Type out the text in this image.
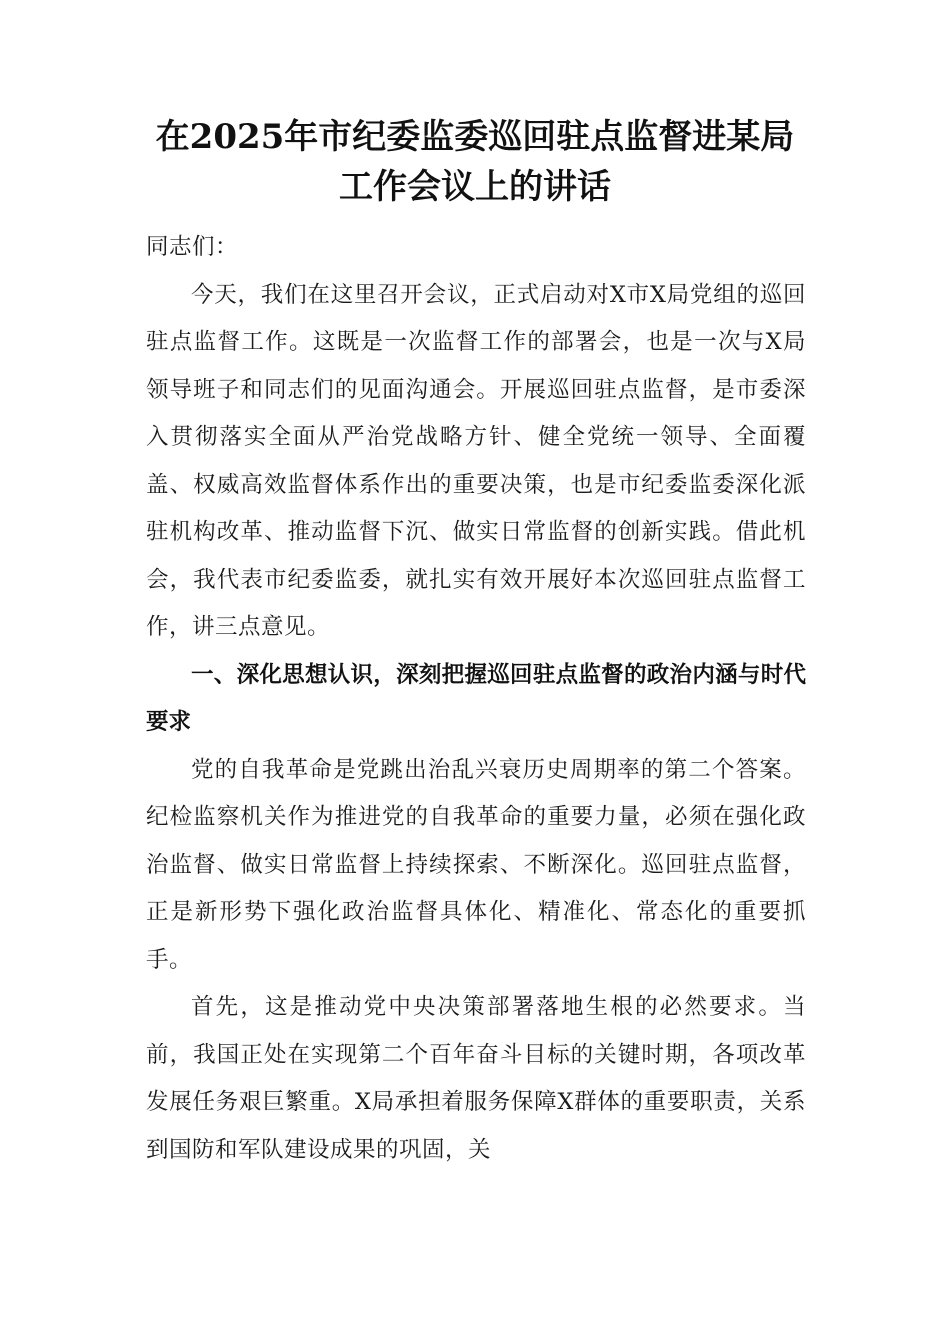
在2025年市纪委监委巡回驻点监督进某局
工作会议上的讲话

同志们：

今天，我们在这里召开会议，正式启动对X市X局党组的巡回驻点监督工作。这既是一次监督工作的部署会，也是一次与X局领导班子和同志们的见面沟通会。开展巡回驻点监督，是市委深入贯彻落实全面从严治党战略方针、健全党统一领导、全面覆盖、权威高效监督体系作出的重要决策，也是市纪委监委深化派驻机构改革、推动监督下沉、做实日常监督的创新实践。借此机会，我代表市纪委监委，就扎实有效开展好本次巡回驻点监督工作，讲三点意见。

一、深化思想认识，深刻把握巡回驻点监督的政治内涵与时代要求

党的自我革命是党跳出治乱兴衰历史周期率的第二个答案。纪检监察机关作为推进党的自我革命的重要力量，必须在强化政治监督、做实日常监督上持续探索、不断深化。巡回驻点监督，正是新形势下强化政治监督具体化、精准化、常态化的重要抓手。

首先，这是推动党中央决策部署落地生根的必然要求。当前，我国正处在实现第二个百年奋斗目标的关键时期，各项改革发展任务艰巨繁重。X局承担着服务保障X群体的重要职责，关系到国防和军队建设成果的巩固，关
